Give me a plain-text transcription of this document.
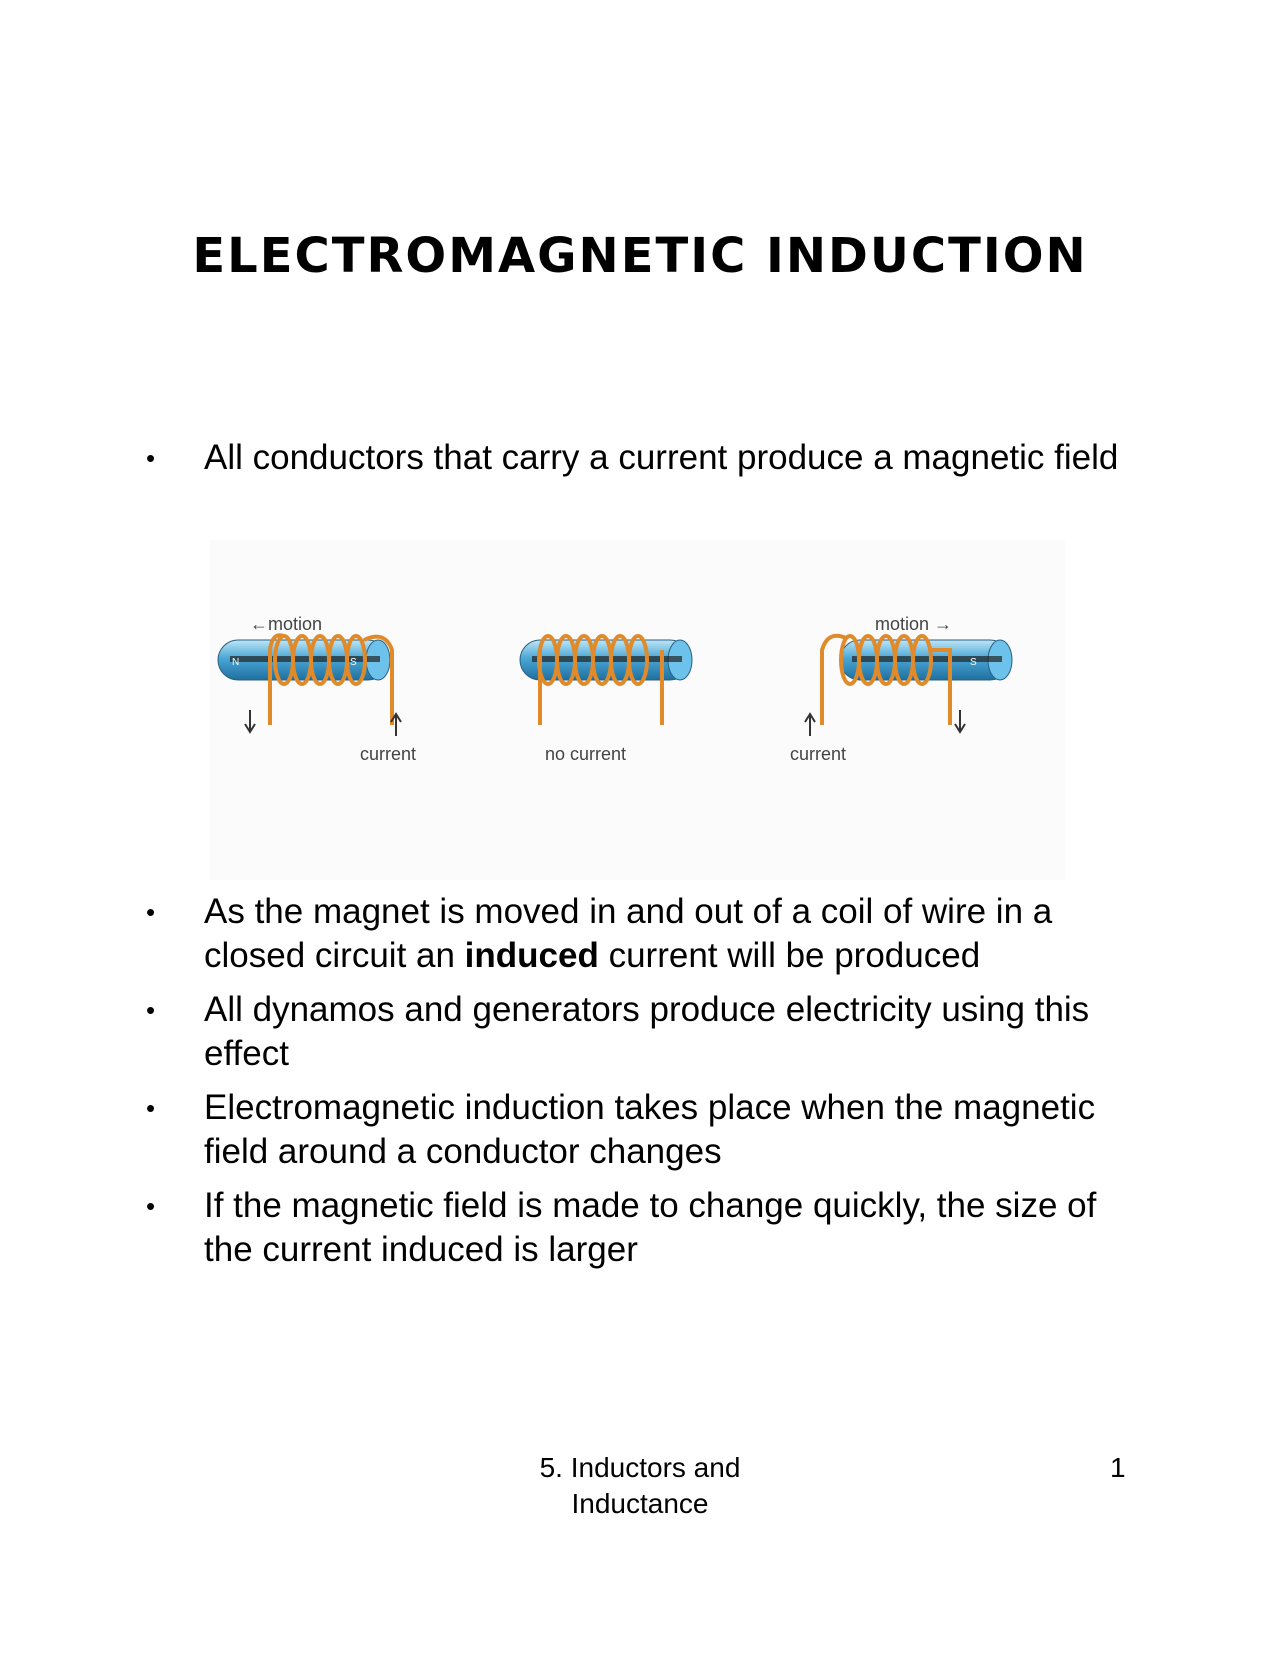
ELECTROMAGNETIC INDUCTION
•	All conductors that carry a current produce a magnetic field
N	S
←motion
current	no current
S
motion →
current
•	As the magnet is moved in and out of a coil of wire in a closed circuit an induced current will be produced
•	All dynamos and generators produce electricity using this effect
•	Electromagnetic induction takes place when the magnetic field around a conductor changes
•	If the magnetic field is made to change quickly, the size of the current induced is larger
5. Inductors and
Inductance
1
